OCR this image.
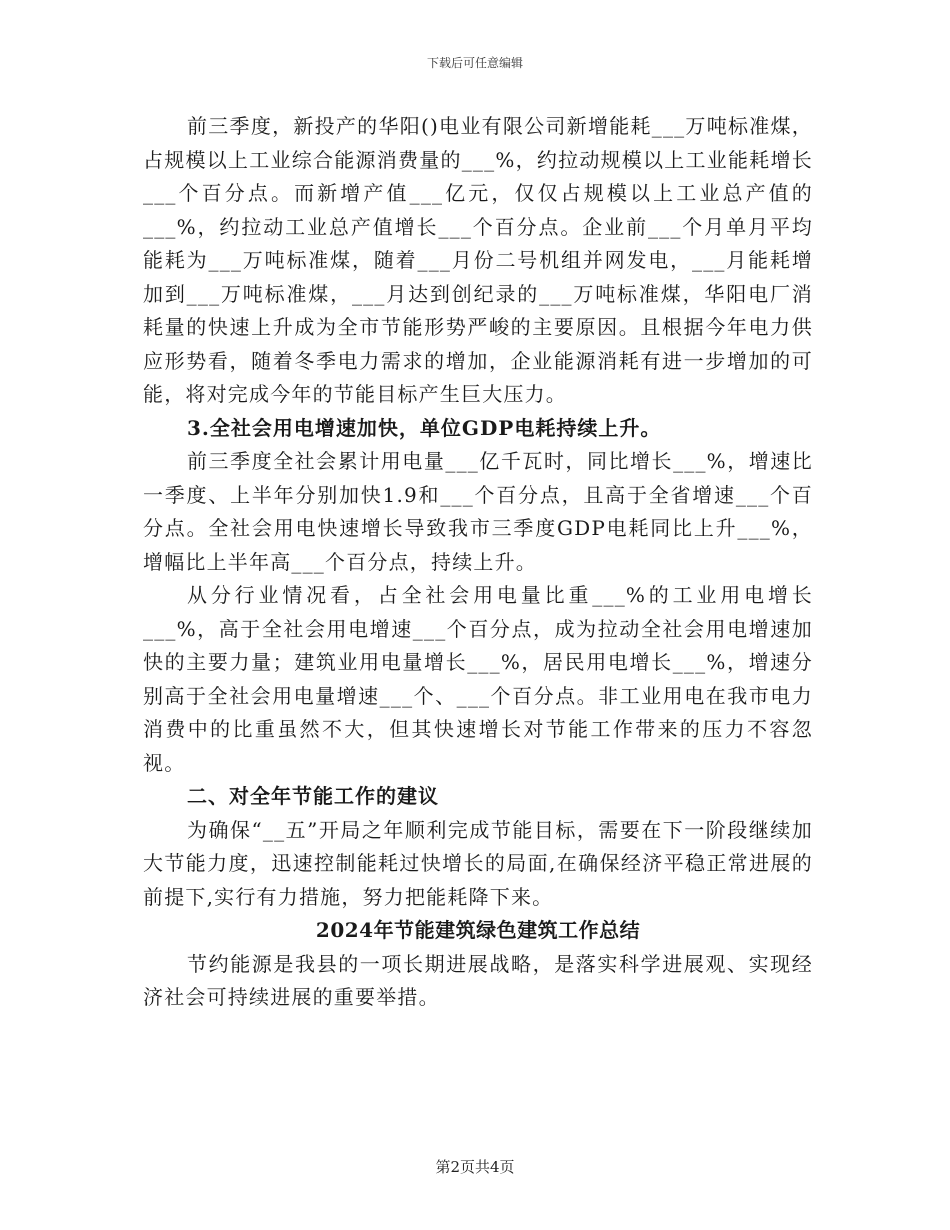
下载后可任意编辑

前三季度，新投产的华阳()电业有限公司新增能耗___万吨标准煤，占规模以上工业综合能源消费量的___%，约拉动规模以上工业能耗增长___个百分点。而新增产值___亿元，仅仅占规模以上工业总产值的___%，约拉动工业总产值增长___个百分点。企业前___个月单月平均能耗为___万吨标准煤，随着___月份二号机组并网发电，___月能耗增加到___万吨标准煤，___月达到创纪录的___万吨标准煤，华阳电厂消耗量的快速上升成为全市节能形势严峻的主要原因。且根据今年电力供应形势看，随着冬季电力需求的增加，企业能源消耗有进一步增加的可能，将对完成今年的节能目标产生巨大压力。

3.全社会用电增速加快，单位GDP电耗持续上升。

前三季度全社会累计用电量___亿千瓦时，同比增长___%，增速比一季度、上半年分别加快1.9和___个百分点，且高于全省增速___个百分点。全社会用电快速增长导致我市三季度GDP电耗同比上升___%，增幅比上半年高___个百分点，持续上升。

从分行业情况看，占全社会用电量比重___%的工业用电增长___%，高于全社会用电增速___个百分点，成为拉动全社会用电增速加快的主要力量；建筑业用电量增长___%，居民用电增长___%，增速分别高于全社会用电量增速___个、___个百分点。非工业用电在我市电力消费中的比重虽然不大，但其快速增长对节能工作带来的压力不容忽视。

二、对全年节能工作的建议

为确保“__五”开局之年顺利完成节能目标，需要在下一阶段继续加大节能力度，迅速控制能耗过快增长的局面,在确保经济平稳正常进展的前提下,实行有力措施，努力把能耗降下来。

2024年节能建筑绿色建筑工作总结

节约能源是我县的一项长期进展战略，是落实科学进展观、实现经济社会可持续进展的重要举措。

第2页共4页
